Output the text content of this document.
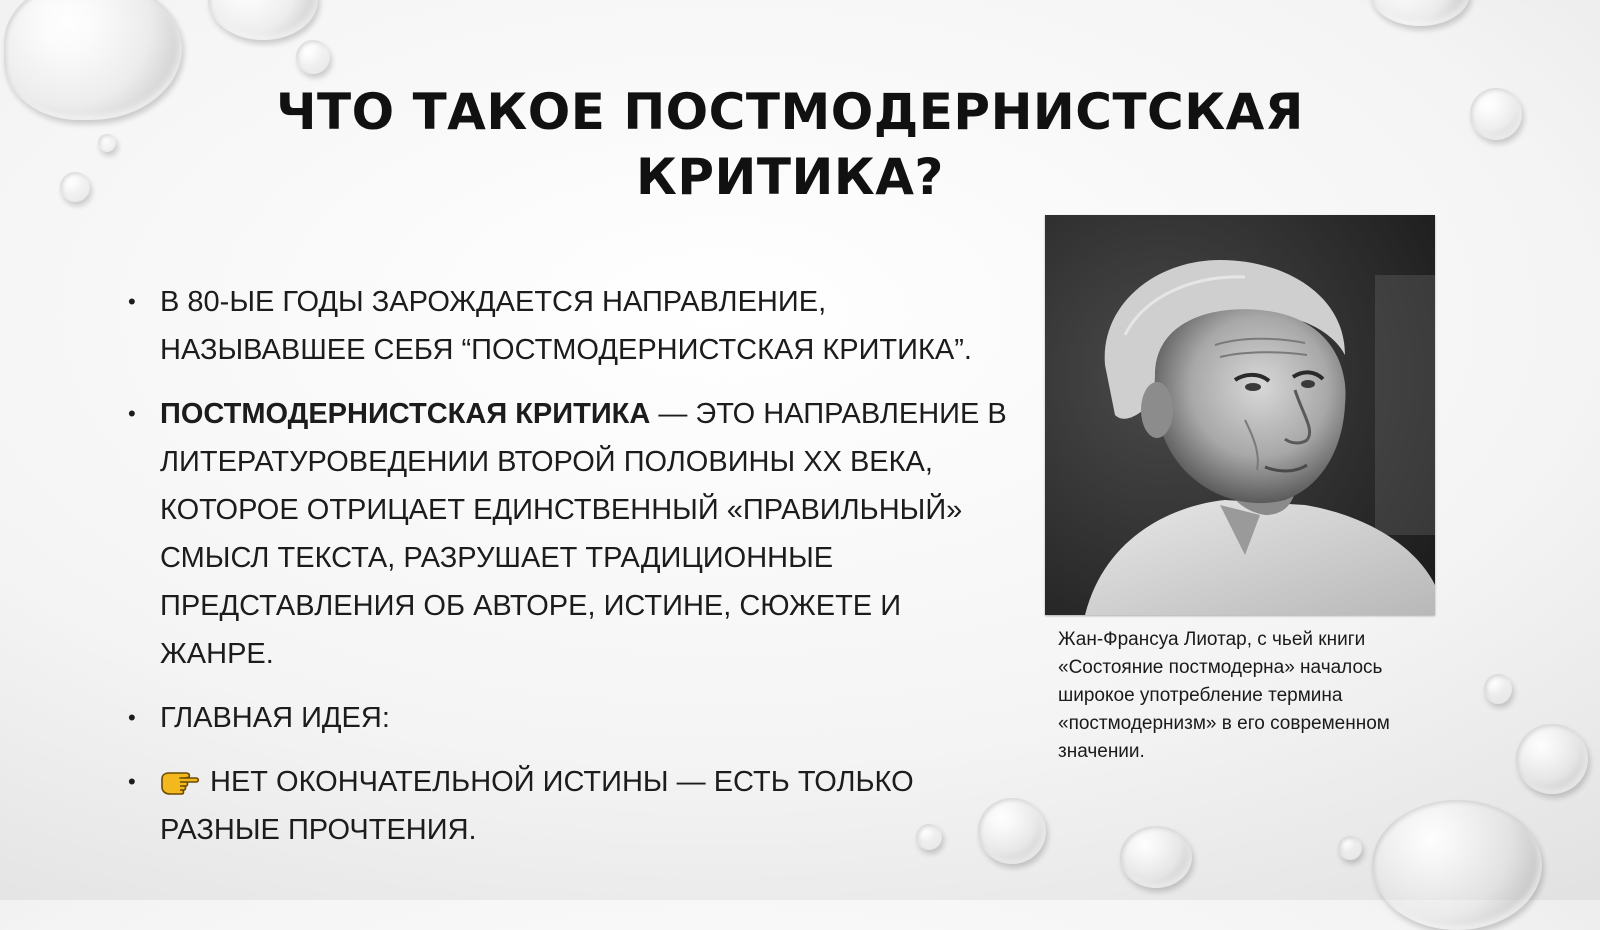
ЧТО ТАКОЕ ПОСТМОДЕРНИСТСКАЯ
КРИТИКА?
• В 80-ЫЕ ГОДЫ ЗАРОЖДАЕТСЯ НАПРАВЛЕНИЕ, НАЗЫВАВШЕЕ СЕБЯ “ПОСТМОДЕРНИСТСКАЯ КРИТИКА”.
• ПОСТМОДЕРНИСТСКАЯ КРИТИКА — ЭТО НАПРАВЛЕНИЕ В ЛИТЕРАТУРОВЕДЕНИИ ВТОРОЙ ПОЛОВИНЫ XX ВЕКА, КОТОРОЕ ОТРИЦАЕТ ЕДИНСТВЕННЫЙ «ПРАВИЛЬНЫЙ» СМЫСЛ ТЕКСТА, РАЗРУШАЕТ ТРАДИЦИОННЫЕ ПРЕДСТАВЛЕНИЯ ОБ АВТОРЕ, ИСТИНЕ, СЮЖЕТЕ И ЖАНРЕ.
• ГЛАВНАЯ ИДЕЯ:
•	НЕТ ОКОНЧАТЕЛЬНОЙ ИСТИНЫ — ЕСТЬ ТОЛЬКО РАЗНЫЕ ПРОЧТЕНИЯ.

Жан-Франсуа Лиотар, с чьей книги «Состояние постмодерна» началось широкое употребление термина «постмодернизм» в его современном значении.
